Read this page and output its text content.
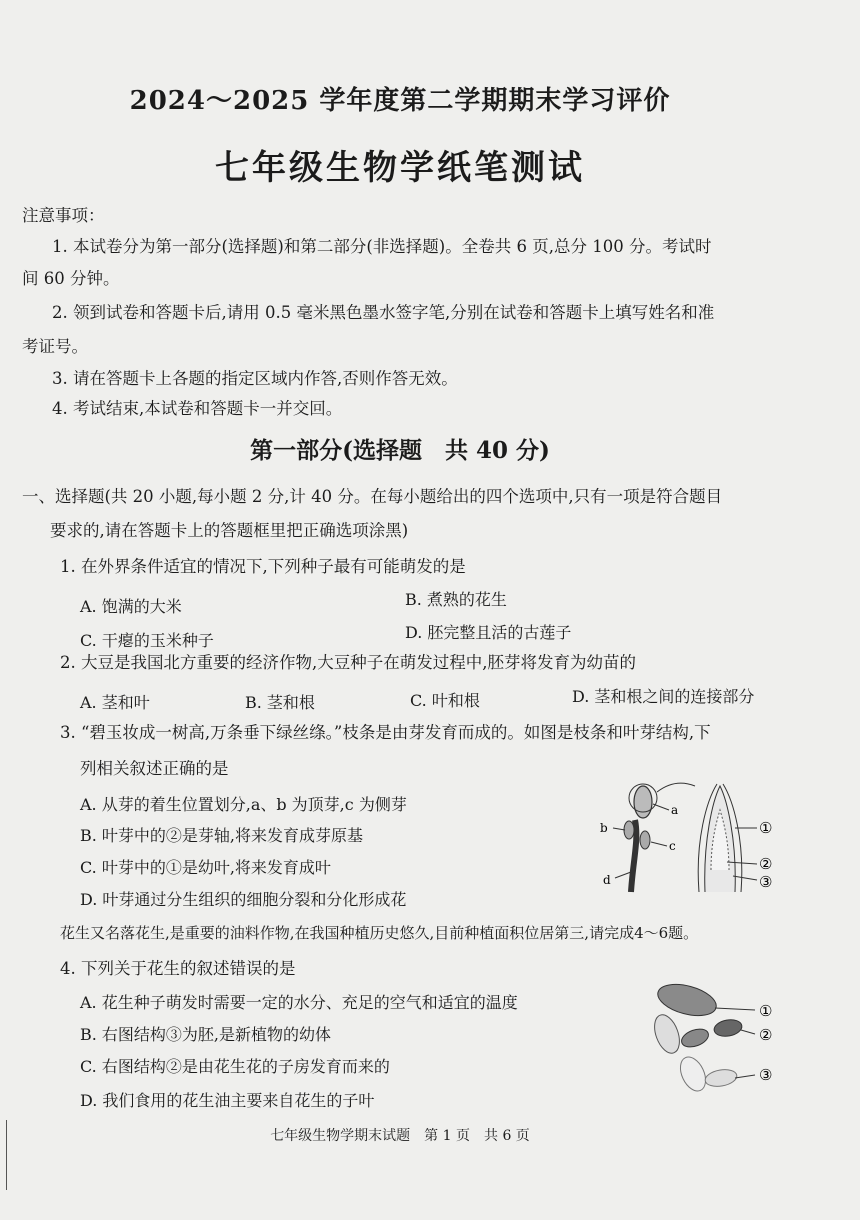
2024～2025 学年度第二学期期末学习评价
七年级生物学纸笔测试
注意事项：
1. 本试卷分为第一部分(选择题)和第二部分(非选择题)。全卷共 6 页,总分 100 分。考试时
间 60 分钟。
2. 领到试卷和答题卡后,请用 0.5 毫米黑色墨水签字笔,分别在试卷和答题卡上填写姓名和准
考证号。
3. 请在答题卡上各题的指定区域内作答,否则作答无效。
4. 考试结束,本试卷和答题卡一并交回。
第一部分(选择题　共 40 分)
一、选择题(共 20 小题,每小题 2 分,计 40 分。在每小题给出的四个选项中,只有一项是符合题目
要求的,请在答题卡上的答题框里把正确选项涂黑)
1. 在外界条件适宜的情况下,下列种子最有可能萌发的是
A. 饱满的大米	B. 煮熟的花生
C. 干瘪的玉米种子	D. 胚完整且活的古莲子
2. 大豆是我国北方重要的经济作物,大豆种子在萌发过程中,胚芽将发育为幼苗的
A. 茎和叶	B. 茎和根	C. 叶和根	D. 茎和根之间的连接部分
3. “碧玉妆成一树高,万条垂下绿丝绦。”枝条是由芽发育而成的。如图是枝条和叶芽结构,下
列相关叙述正确的是
A. 从芽的着生位置划分,a、b 为顶芽,c 为侧芽
B. 叶芽中的②是芽轴,将来发育成芽原基
C. 叶芽中的①是幼叶,将来发育成叶
D. 叶芽通过分生组织的细胞分裂和分化形成花
a
b
c
d
①
②
③
花生又名落花生,是重要的油料作物,在我国种植历史悠久,目前种植面积位居第三,请完成4～6题。
4. 下列关于花生的叙述错误的是
A. 花生种子萌发时需要一定的水分、充足的空气和适宜的温度
B. 右图结构③为胚,是新植物的幼体
C. 右图结构②是由花生花的子房发育而来的
D. 我们食用的花生油主要来自花生的子叶
①
②
③
七年级生物学期末试题　第 1 页　共 6 页
